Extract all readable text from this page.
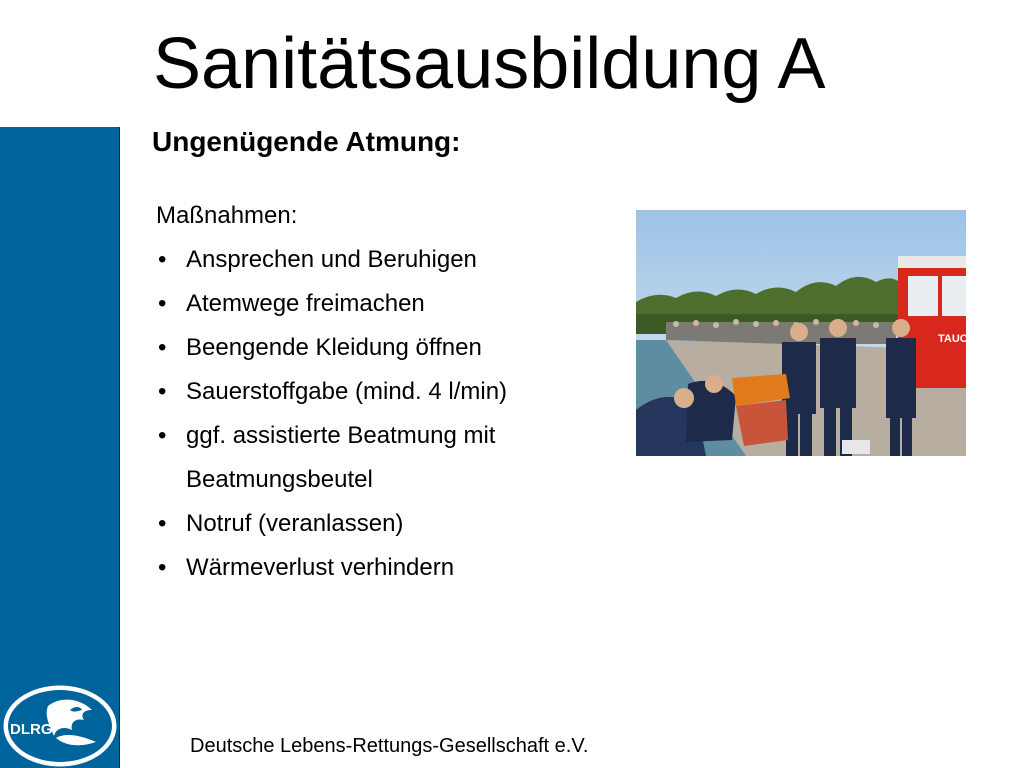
DLRG
Sanitätsausbildung A
Ungenügende Atmung:

Maßnahmen:

• Ansprechen und Beruhigen
• Atemwege freimachen
• Beengende Kleidung öffnen
• Sauerstoffgabe (mind. 4 l/min)
• ggf. assistierte Beatmung mit Beatmungsbeutel
• Notruf (veranlassen)
• Wärmeverlust verhindern
TAUCH
Deutsche Lebens-Rettungs-Gesellschaft e.V.
